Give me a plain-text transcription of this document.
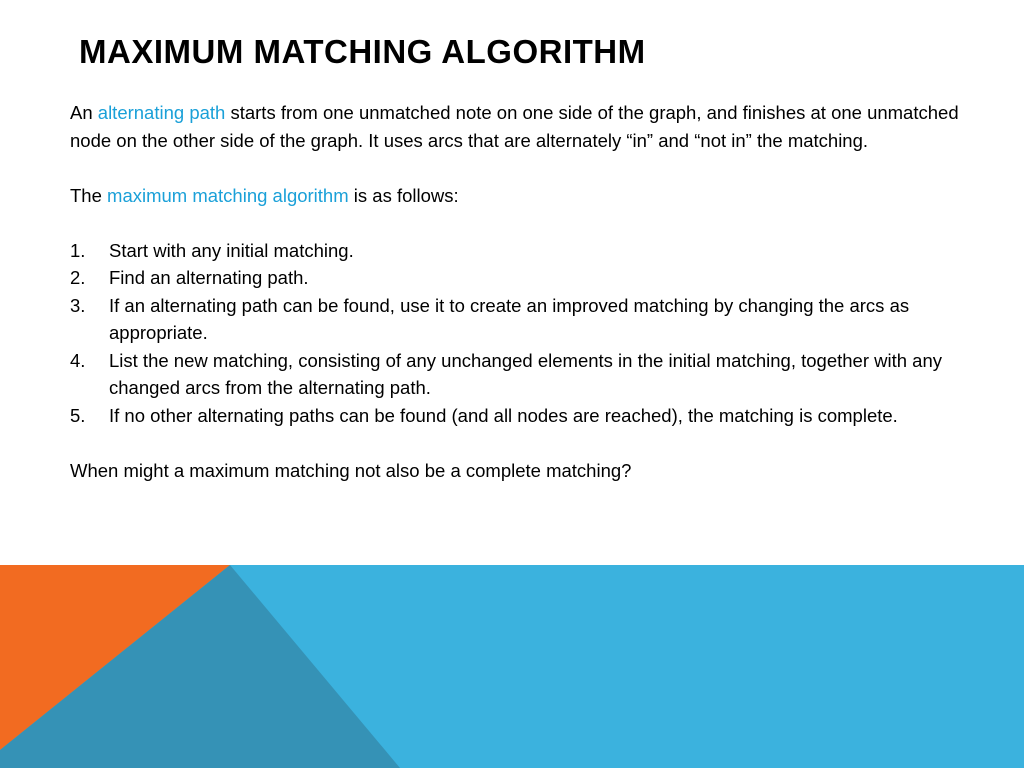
MAXIMUM MATCHING ALGORITHM

An alternating path starts from one unmatched note on one side of the graph, and finishes at one unmatched node on the other side of the graph. It uses arcs that are alternately “in” and “not in” the matching.

The maximum matching algorithm is as follows:

1. Start with any initial matching.
2. Find an alternating path.
3. If an alternating path can be found, use it to create an improved matching by changing the arcs as appropriate.
4. List the new matching, consisting of any unchanged elements in the initial matching, together with any changed arcs from the alternating path.
5. If no other alternating paths can be found (and all nodes are reached), the matching is complete.

When might a maximum matching not also be a complete matching?
